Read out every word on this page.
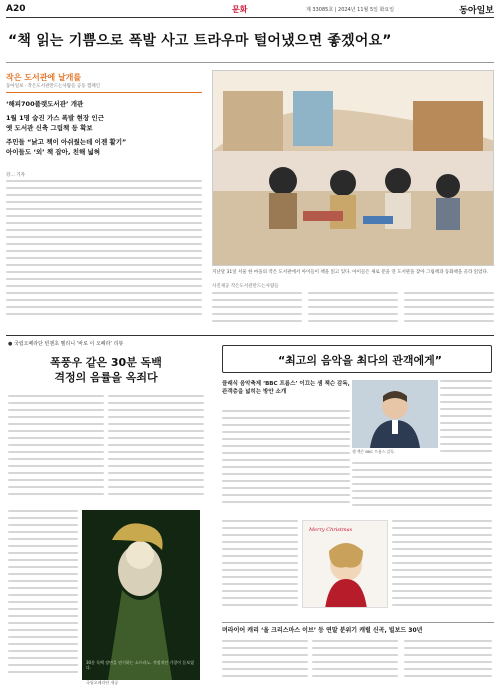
A20	문화	제 33085호 | 2024년 11월 5일 화요일	동아일보
“책 읽는 기쁨으로 폭발 사고 트라우마 털어냈으면 좋겠어요”
작은 도서관에 날개를
동아일보 · 작은도서관만드는사람들 공동 캠페인
‘해피700플랫도서관’ 개관
1월 1명 숨진 가스 폭발 현장 인근
옛 도서관 신축 그림책 등 확보
주민들 “낡고 책이 아쉬웠는데 이젠 활기”
아이들도 ‘외’ 책 잡아, 친해 넓혀
강… 기자
지난달 31일 서울 한 마을의 작은 도서관에서 아이들이 책을 읽고 있다. 아이들은 새로 문을 연 도서관을 찾아 그림책과 동화책을 골라 읽었다.
사진제공 작은도서관만드는사람들
● 국립오페라단 빈첸초 벨리니 ‘바로 이 오페라’ 리뷰
폭풍우 같은 30분 독백
격정의 음률을 옥죄다
30분 독백 장면을 연기하는 소프라노. 격정적인 가창이 돋보였다.
국립오페라단 제공
“최고의 음악을 최다의 관객에게”
클래식 음악축제 ‘BBC 프롬스’ 이끄는 샘 잭슨 감독, 관객층을 넓히는 방안 소개
샘 잭슨 BBC 프롬스 감독.
Merry Christmas
머라이어 캐리 ‘올 크리스마스 이브’ 등 연말 분위기 캐럴 신곡, 빌보드 30년
